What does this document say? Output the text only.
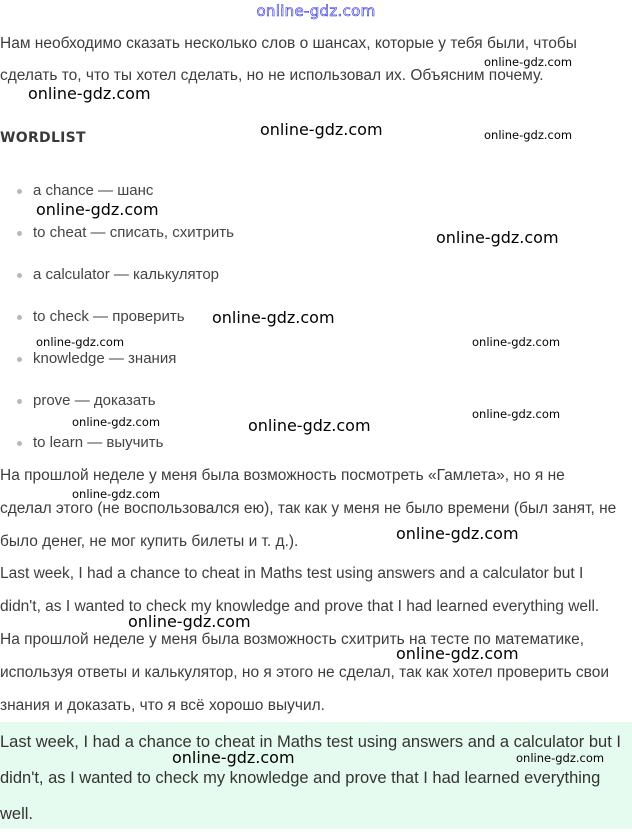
online-gdz.com
Нам необходимо сказать несколько слов о шансах, которые у тебя были, чтобы сделать то, что ты хотел сделать, но не использовал их. Объясним почему.
WORDLIST
a chance — шанс
to cheat — списать, схитрить
a calculator — калькулятор
to check — проверить
knowledge — знания
prove — доказать
to learn — выучить
На прошлой неделе у меня была возможность посмотреть «Гамлета», но я не сделал этого (не воспользовался ею), так как у меня не было времени (был занят, не было денег, не мог купить билеты и т. д.).
Last week, I had a chance to cheat in Maths test using answers and a calculator but I didn't, as I wanted to check my knowledge and prove that I had learned everything well. На прошлой неделе у меня была возможность схитрить на тесте по математике, используя ответы и калькулятор, но я этого не сделал, так как хотел проверить свои знания и доказать, что я всё хорошо выучил.
Last week, I had a chance to cheat in Maths test using answers and a calculator but I didn't, as I wanted to check my knowledge and prove that I had learned everything well.
online-gdz.com
online-gdz.com
online-gdz.com	online-gdz.com
online-gdz.com
online-gdz.com
online-gdz.com
online-gdz.com	online-gdz.com
online-gdz.com
online-gdz.com	online-gdz.com
online-gdz.com
online-gdz.com
online-gdz.com
online-gdz.com
online-gdz.com	online-gdz.com
